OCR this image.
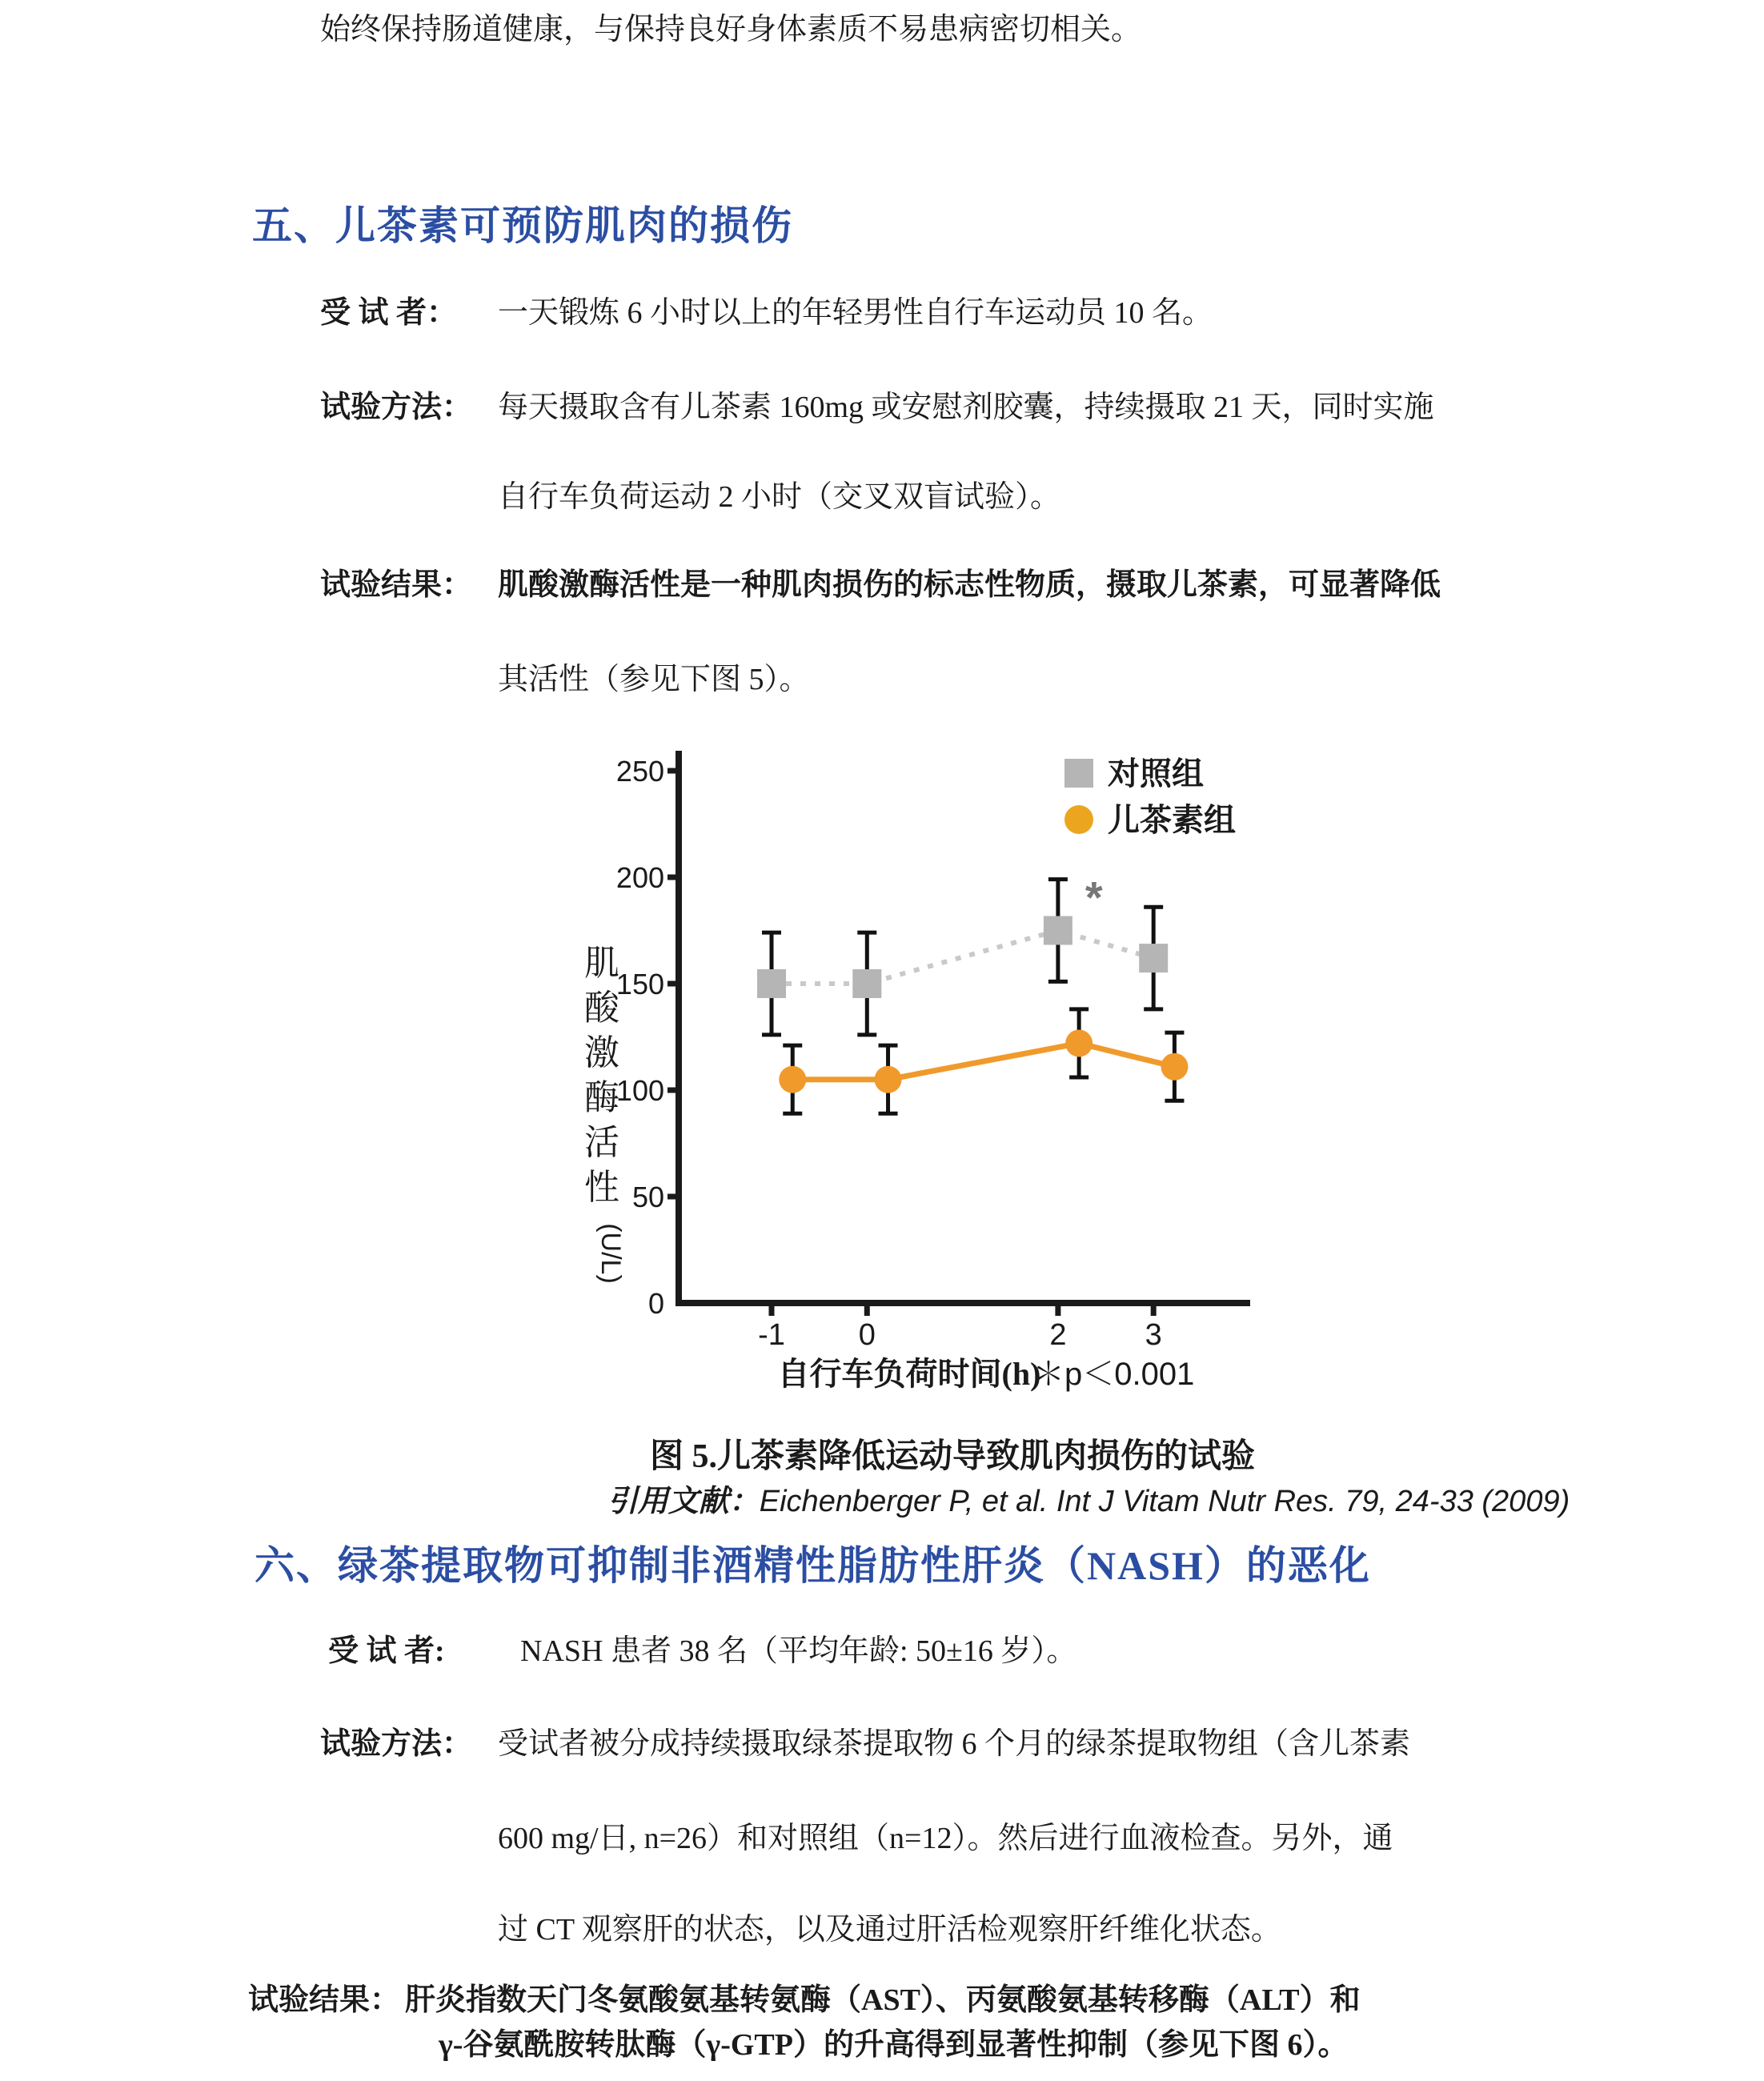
始终保持肠道健康，与保持良好身体素质不易患病密切相关。
五、儿茶素可预防肌肉的损伤
受 试 者： 一天锻炼 6 小时以上的年轻男性自行车运动员 10 名。
试验方法： 每天摄取含有儿茶素 160mg 或安慰剂胶囊，持续摄取 21 天，同时实施
自行车负荷运动 2 小时（交叉双盲试验）。
试验结果： 肌酸激酶活性是一种肌肉损伤的标志性物质，摄取儿茶素，可显著降低
其活性（参见下图 5）。
0
50
100
150
200
250
-1 0	2	3
肌
酸
激
酶
活
性
(U/L)
*
对照组
儿茶素组
自行车负荷时间(h)
＊p＜0.001
图 5.儿茶素降低运动导致肌肉损伤的试验
引用文献：Eichenberger P, et al. Int J Vitam Nutr Res. 79, 24-33 (2009)
六、绿茶提取物可抑制非酒精性脂肪性肝炎（NASH）的恶化
受 试 者: NASH 患者 38 名（平均年龄: 50±16 岁）。
试验方法： 受试者被分成持续摄取绿茶提取物 6 个月的绿茶提取物组（含儿茶素
600 mg/日, n=26）和对照组（n=12）。然后进行血液检查。另外，通
过 CT 观察肝的状态，以及通过肝活检观察肝纤维化状态。
试验结果： 肝炎指数天门冬氨酸氨基转氨酶（AST）、丙氨酸氨基转移酶（ALT）和
γ-谷氨酰胺转肽酶（γ-GTP）的升高得到显著性抑制（参见下图 6）。
